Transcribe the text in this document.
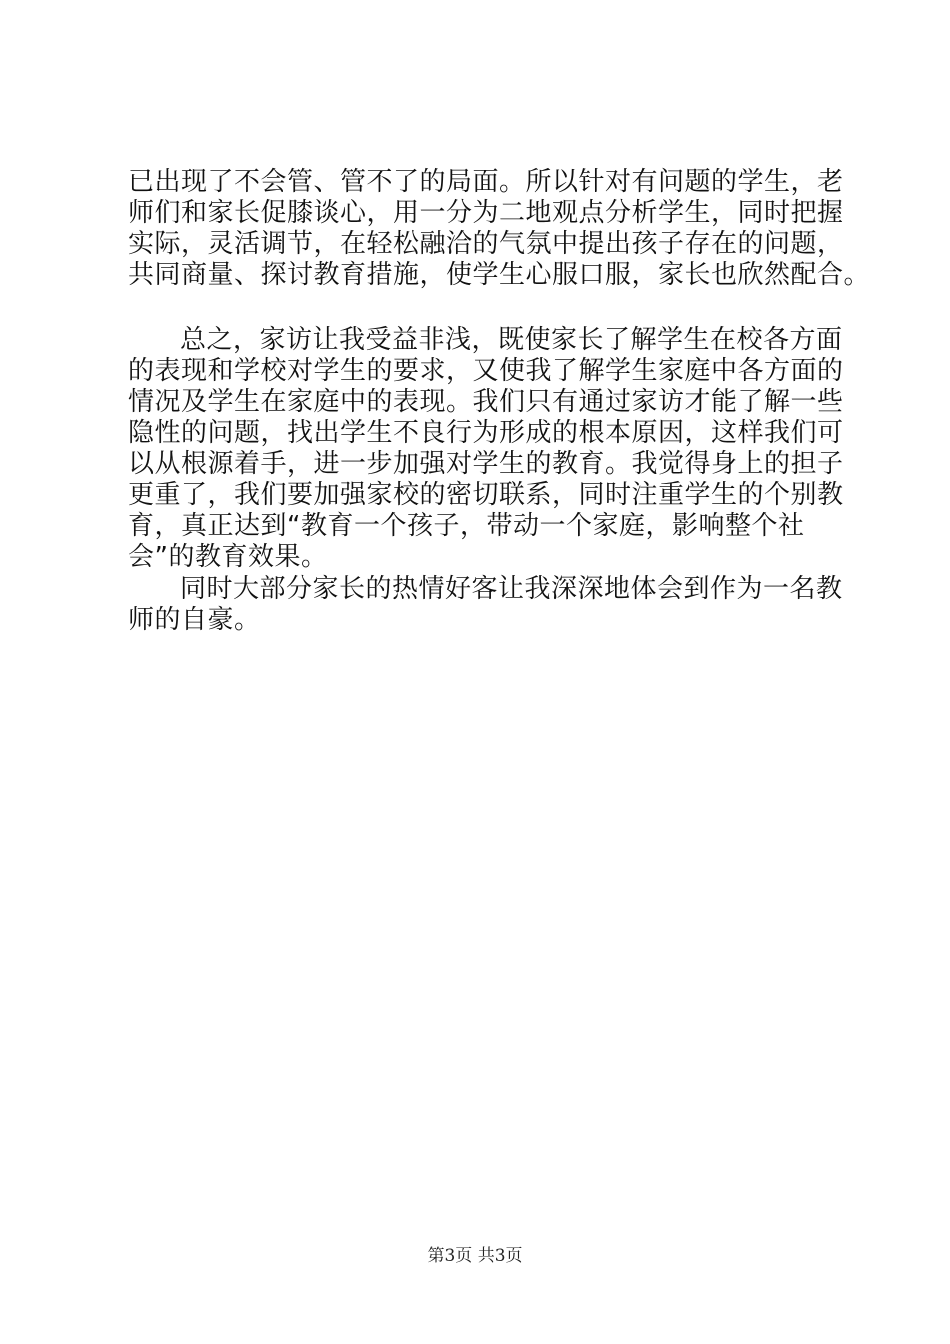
已出现了不会管、管不了的局面。所以针对有问题的学生，老
师们和家长促膝谈心，用一分为二地观点分析学生，同时把握
实际，灵活调节，在轻松融洽的气氛中提出孩子存在的问题，
共同商量、探讨教育措施，使学生心服口服，家长也欣然配合。
总之，家访让我受益非浅，既使家长了解学生在校各方面
的表现和学校对学生的要求，又使我了解学生家庭中各方面的
情况及学生在家庭中的表现。我们只有通过家访才能了解一些
隐性的问题，找出学生不良行为形成的根本原因，这样我们可
以从根源着手，进一步加强对学生的教育。我觉得身上的担子
更重了，我们要加强家校的密切联系，同时注重学生的个别教
育，真正达到“教育一个孩子，带动一个家庭，影响整个社
会”的教育效果。
同时大部分家长的热情好客让我深深地体会到作为一名教
师的自豪。
第3页 共3页
